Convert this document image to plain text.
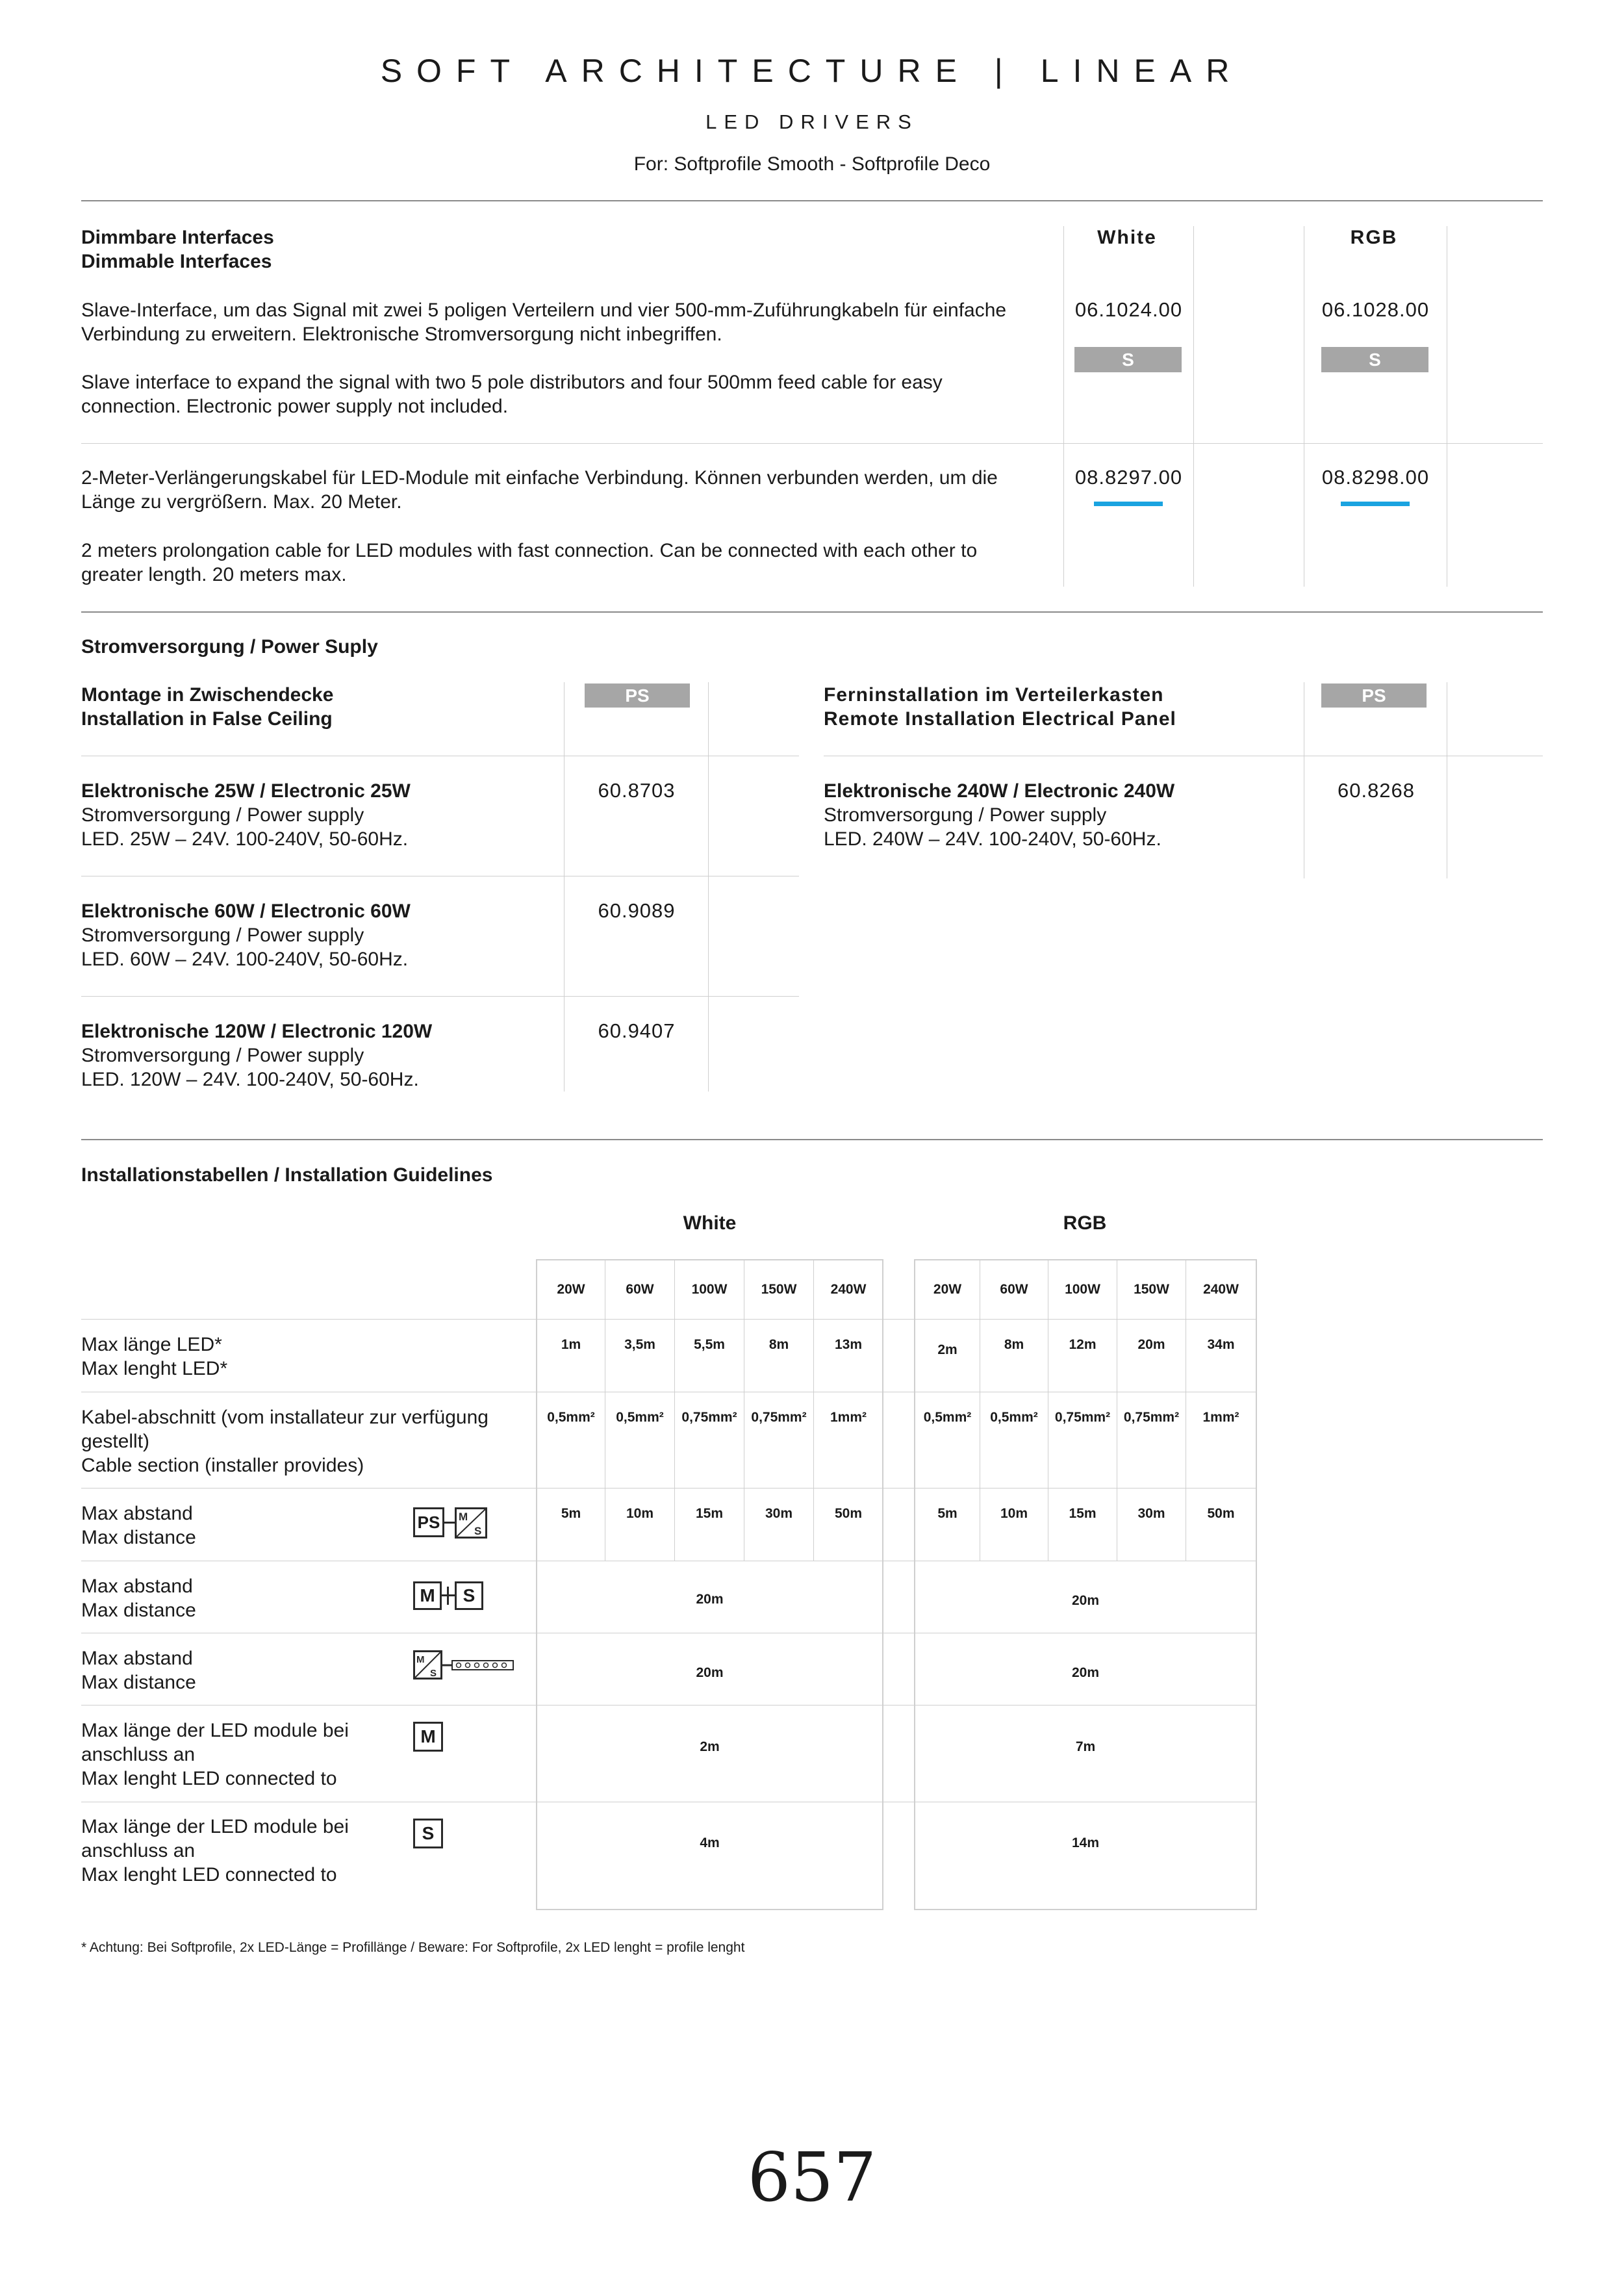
SOFT ARCHITECTURE | LINEAR
LED DRIVERS
For: Softprofile Smooth - Softprofile Deco
Dimmbare Interfaces
Dimmable Interfaces
White	RGB
Slave-Interface, um das Signal mit zwei 5 poligen Verteilern und vier 500-mm-Zuführungkabeln für einfache
Verbindung zu erweitern. Elektronische Stromversorgung nicht inbegriffen.
Slave interface to expand the signal with two 5 pole distributors and four 500mm feed cable for easy
connection. Electronic power supply not included.
06.1024.00	06.1028.00
S	S
2-Meter-Verlängerungskabel für LED-Module mit einfache Verbindung. Können verbunden werden, um die
Länge zu vergrößern. Max. 20 Meter.
2 meters prolongation cable for LED modules with fast connection. Can be connected with each other to
greater length. 20 meters max.
08.8297.00	08.8298.00
Stromversorgung / Power Suply
Montage in Zwischendecke
Installation in False Ceiling
PS	Ferninstallation im Verteilerkasten
Remote Installation Electrical Panel
PS
Elektronische 25W / Electronic 25W
Stromversorgung / Power supply
LED. 25W – 24V. 100-240V, 50-60Hz.
60.8703
Elektronische 60W / Electronic 60W
Stromversorgung / Power supply
LED. 60W – 24V. 100-240V, 50-60Hz.
60.9089
Elektronische 120W / Electronic 120W
Stromversorgung / Power supply
LED. 120W – 24V. 100-240V, 50-60Hz.
60.9407
Elektronische 240W / Electronic 240W
Stromversorgung / Power supply
LED. 240W – 24V. 100-240V, 50-60Hz.
60.8268
Installationstabellen / Installation Guidelines
White	RGB
20W	60W	100W	150W	240W	20W	60W	100W	150W	240W
Max länge LED*
Max lenght LED*
1m	3,5m	5,5m	8m	13m	2m	8m	12m	20m	34m
Kabel-abschnitt (vom installateur zur verfügung
gestellt)
Cable section (installer provides)
0,5mm²	0,5mm²	0,75mm²	0,75mm²	1mm²	0,5mm²	0,5mm²	0,75mm² 0,75mm²	1mm²
Max abstand
Max distance
PS	M
S
5m	10m	15m	30m	50m	5m	10m	15m	30m	50m
Max abstand
Max distance
M	S	20m	20m
Max abstand
Max distance
M
S	20m	20m
Max länge der LED module bei
anschluss an
Max lenght LED connected to
M
2m	7m
Max länge der LED module bei
anschluss an
Max lenght LED connected to
S	4m	14m
* Achtung: Bei Softprofile, 2x LED-Länge = Profillänge / Beware: For Softprofile, 2x LED lenght = profile lenght
657
